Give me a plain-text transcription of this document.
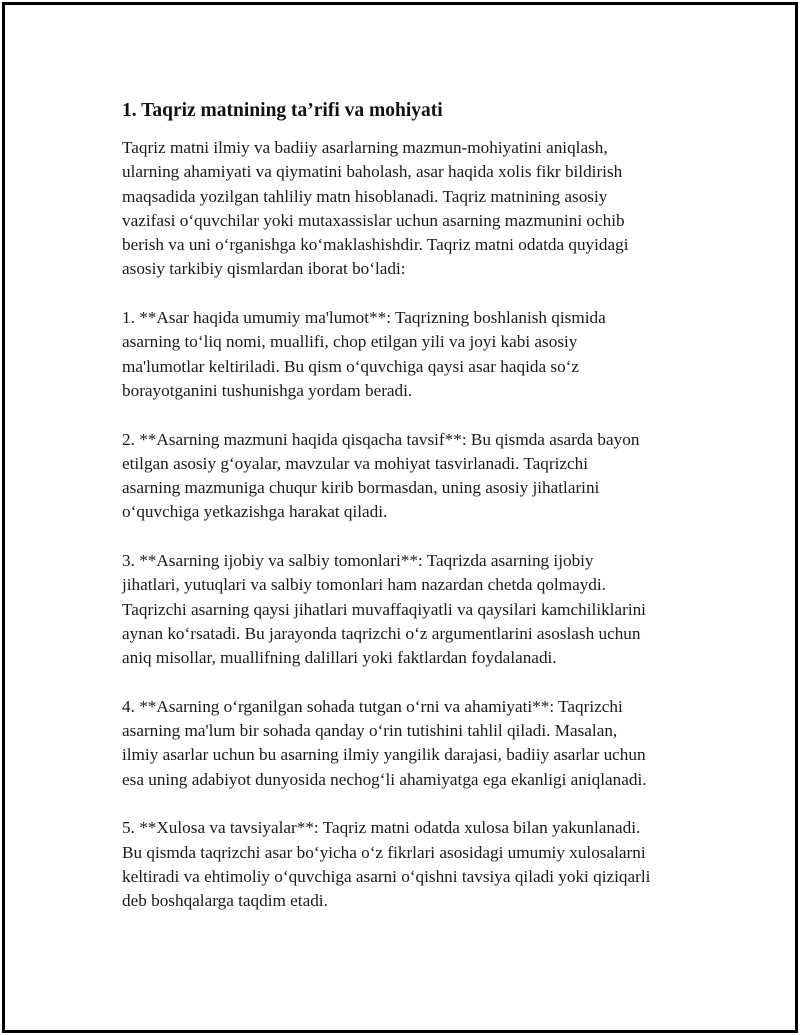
1. Taqriz matnining ta’rifi va mohiyati

Taqriz matni ilmiy va badiiy asarlarning mazmun-mohiyatini aniqlash,
ularning ahamiyati va qiymatini baholash, asar haqida xolis fikr bildirish
maqsadida yozilgan tahliliy matn hisoblanadi. Taqriz matnining asosiy
vazifasi o‘quvchilar yoki mutaxassislar uchun asarning mazmunini ochib
berish va uni o‘rganishga ko‘maklashishdir. Taqriz matni odatda quyidagi
asosiy tarkibiy qismlardan iborat bo‘ladi:

1. **Asar haqida umumiy ma'lumot**: Taqrizning boshlanish qismida
asarning to‘liq nomi, muallifi, chop etilgan yili va joyi kabi asosiy
ma'lumotlar keltiriladi. Bu qism o‘quvchiga qaysi asar haqida so‘z
borayotganini tushunishga yordam beradi.

2. **Asarning mazmuni haqida qisqacha tavsif**: Bu qismda asarda bayon
etilgan asosiy g‘oyalar, mavzular va mohiyat tasvirlanadi. Taqrizchi
asarning mazmuniga chuqur kirib bormasdan, uning asosiy jihatlarini
o‘quvchiga yetkazishga harakat qiladi.

3. **Asarning ijobiy va salbiy tomonlari**: Taqrizda asarning ijobiy
jihatlari, yutuqlari va salbiy tomonlari ham nazardan chetda qolmaydi.
Taqrizchi asarning qaysi jihatlari muvaffaqiyatli va qaysilari kamchiliklarini
aynan ko‘rsatadi. Bu jarayonda taqrizchi o‘z argumentlarini asoslash uchun
aniq misollar, muallifning dalillari yoki faktlardan foydalanadi.

4. **Asarning o‘rganilgan sohada tutgan o‘rni va ahamiyati**: Taqrizchi
asarning ma'lum bir sohada qanday o‘rin tutishini tahlil qiladi. Masalan,
ilmiy asarlar uchun bu asarning ilmiy yangilik darajasi, badiiy asarlar uchun
esa uning adabiyot dunyosida nechog‘li ahamiyatga ega ekanligi aniqlanadi.

5. **Xulosa va tavsiyalar**: Taqriz matni odatda xulosa bilan yakunlanadi.
Bu qismda taqrizchi asar bo‘yicha o‘z fikrlari asosidagi umumiy xulosalarni
keltiradi va ehtimoliy o‘quvchiga asarni o‘qishni tavsiya qiladi yoki qiziqarli
deb boshqalarga taqdim etadi.
